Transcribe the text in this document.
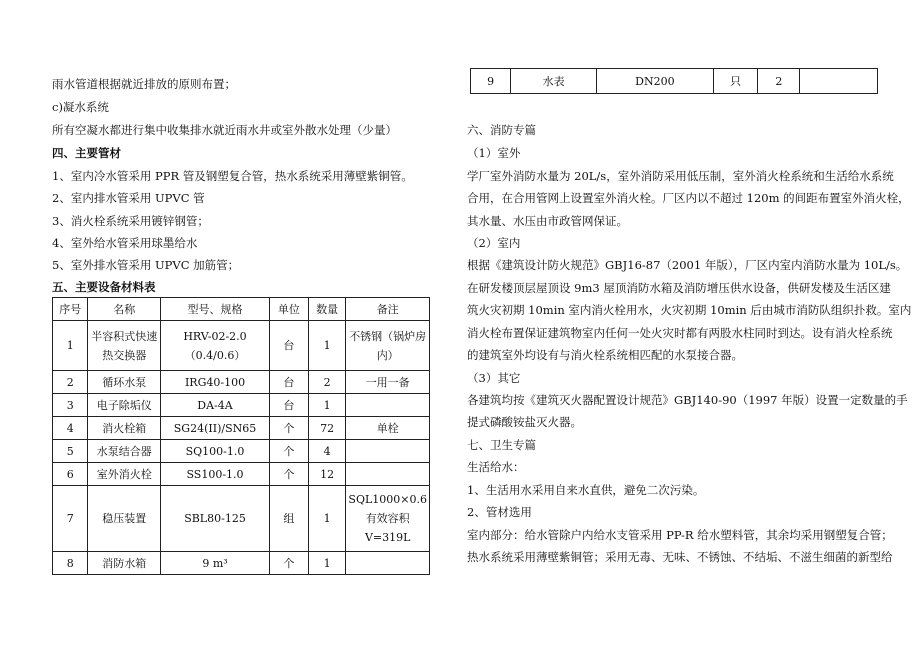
雨水管道根据就近排放的原则布置；
c)凝水系统
所有空凝水都进行集中收集排水就近雨水井或室外散水处理（少量）
四、主要管材
1、室内冷水管采用 PPR 管及钢塑复合管，热水系统采用薄壁紫铜管。
2、室内排水管采用 UPVC 管
3、消火栓系统采用镀锌钢管；
4、室外给水管采用球墨给水
5、室外排水管采用 UPVC 加筋管；
五、主要设备材料表
序号	名称	型号、规格	单位	数量	备注
1	半容积式快速热交换器	HRV-02-2.0（0.4/0.6）	台	1	不锈钢（锅炉房内）
2	循环水泵	IRG40-100	台	2	一用一备
3	电子除垢仪	DA-4A	台	1	
4	消火栓箱	SG24(II)/SN65	个	72	单栓
5	水泵结合器	SQ100-1.0	个	4	
6	室外消火栓	SS100-1.0	个	12	
7	稳压装置	SBL80-125	组	1	SQL1000×0.6 有效容积V=319L
8	消防水箱	9 m³	个	1	
9	水表	DN200	只	2	
六、消防专篇
（1）室外
学厂室外消防水量为 20L/s，室外消防采用低压制，室外消火栓系统和生活给水系统
合用，在合用管网上设置室外消火栓。厂区内以不超过 120m 的间距布置室外消火栓，
其水量、水压由市政管网保证。
（2）室内
根据《建筑设计防火规范》GBJ16-87（2001 年版），厂区内室内消防水量为 10L/s。
在研发楼顶层屋顶设 9m3 屋顶消防水箱及消防增压供水设备，供研发楼及生活区建
筑火灾初期 10min 室内消火栓用水，火灾初期 10min 后由城市消防队组织扑救。室内
消火栓布置保证建筑物室内任何一处火灾时都有两股水柱同时到达。设有消火栓系统
的建筑室外均设有与消火栓系统相匹配的水泵接合器。
（3）其它
各建筑均按《建筑灭火器配置设计规范》GBJ140-90（1997 年版）设置一定数量的手
提式磷酸铵盐灭火器。
七、卫生专篇
生活给水：
1、生活用水采用自来水直供，避免二次污染。
2、管材选用
室内部分：给水管除户内给水支管采用 PP-R 给水塑料管，其余均采用钢塑复合管；
热水系统采用薄壁紫铜管；采用无毒、无味、不锈蚀、不结垢、不滋生细菌的新型给
